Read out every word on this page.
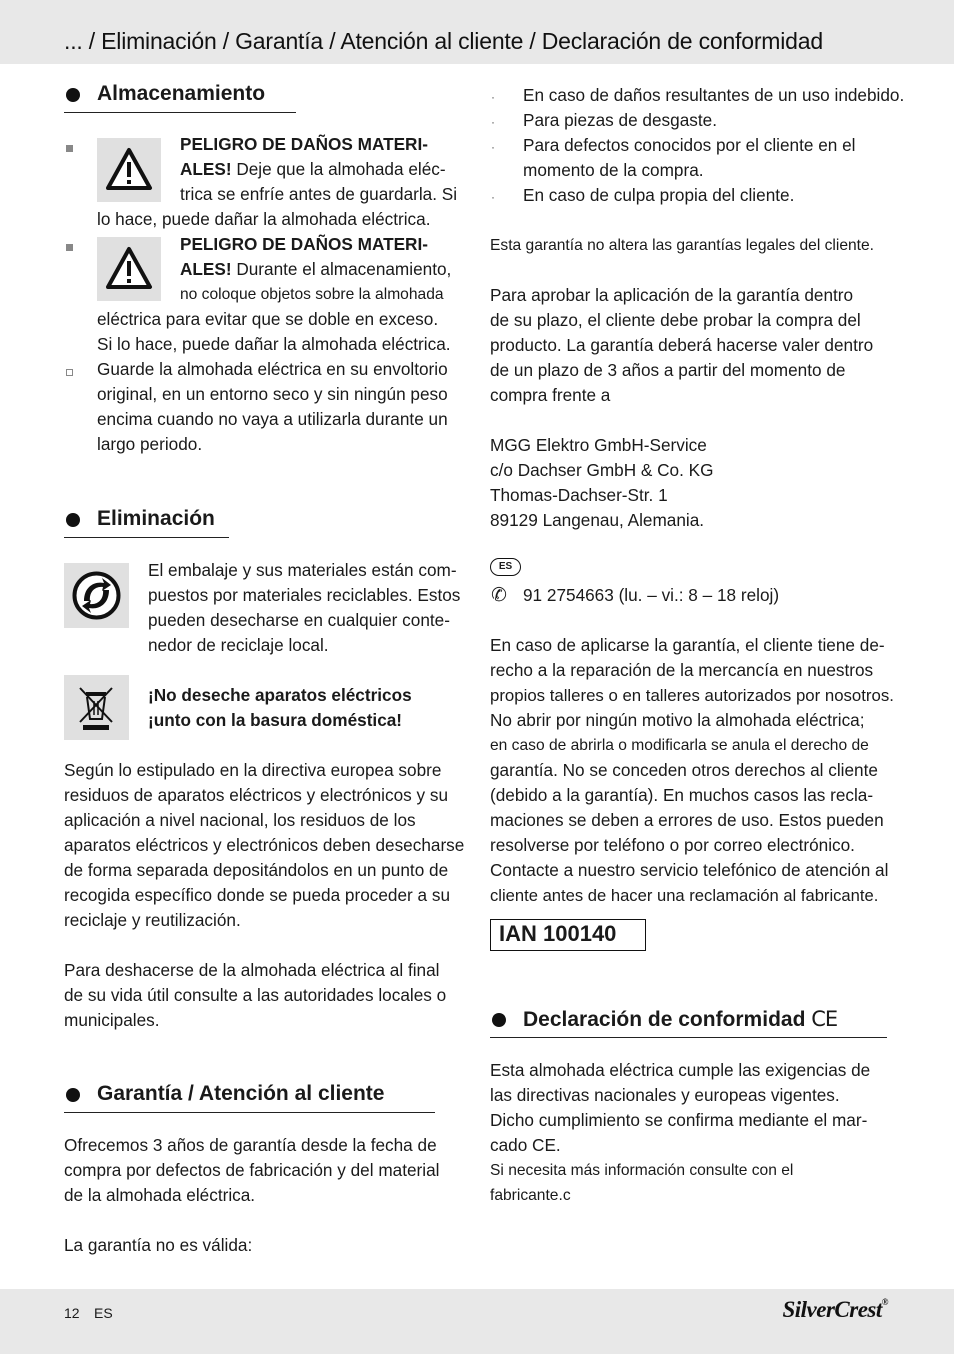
... / Eliminación / Garantía / Atención al cliente / Declaración de conformidad
Almacenamiento
PELIGRO DE DAÑOS MATERI-
ALES! Deje que la almohada eléc-
trica se enfríe antes de guardarla. Si
lo hace, puede dañar la almohada eléctrica.
PELIGRO DE DAÑOS MATERI-
ALES! Durante el almacenamiento,
no coloque objetos sobre la almohada
eléctrica para evitar que se doble en exceso.
Si lo hace, puede dañar la almohada eléctrica.
Guarde la almohada eléctrica en su envoltorio
original, en un entorno seco y sin ningún peso
encima cuando no vaya a utilizarla durante un
largo periodo.
Eliminación
El embalaje y sus materiales están com-
puestos por materiales reciclables. Estos
pueden desecharse en cualquier conte-
nedor de reciclaje local.
¡No deseche aparatos eléctricos
¡unto con la basura doméstica!
Según lo estipulado en la directiva europea sobre
residuos de aparatos eléctricos y electrónicos y su
aplicación a nivel nacional, los residuos de los
aparatos eléctricos y electrónicos deben desecharse
de forma separada depositándolos en un punto de
recogida específico donde se pueda proceder a su
reciclaje y reutilización.
Para deshacerse de la almohada eléctrica al final
de su vida útil consulte a las autoridades locales o
municipales.
Garantía / Atención al cliente
Ofrecemos 3 años de garantía desde la fecha de
compra por defectos de fabricación y del material
de la almohada eléctrica.
La garantía no es válida:
· En caso de daños resultantes de un uso indebido.
· Para piezas de desgaste.
· Para defectos conocidos por el cliente en el
momento de la compra.
· En caso de culpa propia del cliente.
Esta garantía no altera las garantías legales del cliente.
Para aprobar la aplicación de la garantía dentro
de su plazo, el cliente debe probar la compra del
producto. La garantía deberá hacerse valer dentro
de un plazo de 3 años a partir del momento de
compra frente a
MGG Elektro GmbH-Service
c/o Dachser GmbH & Co. KG
Thomas-Dachser-Str. 1
89129 Langenau, Alemania.
ES
✆ 91 2754663 (lu. – vi.: 8 – 18 reloj)
En caso de aplicarse la garantía, el cliente tiene de-
recho a la reparación de la mercancía en nuestros
propios talleres o en talleres autorizados por nosotros.
No abrir por ningún motivo la almohada eléctrica;
en caso de abrirla o modificarla se anula el derecho de
garantía. No se conceden otros derechos al cliente
(debido a la garantía). En muchos casos las recla-
maciones se deben a errores de uso. Estos pueden
resolverse por teléfono o por correo electrónico.
Contacte a nuestro servicio telefónico de atención al
cliente antes de hacer una reclamación al fabricante.
IAN 100140
Declaración de conformidad CE
Esta almohada eléctrica cumple las exigencias de
las directivas nacionales y europeas vigentes.
Dicho cumplimiento se confirma mediante el mar-
cado CE.
Si necesita más información consulte con el
fabricante.c
12 ES	SilverCrest®
